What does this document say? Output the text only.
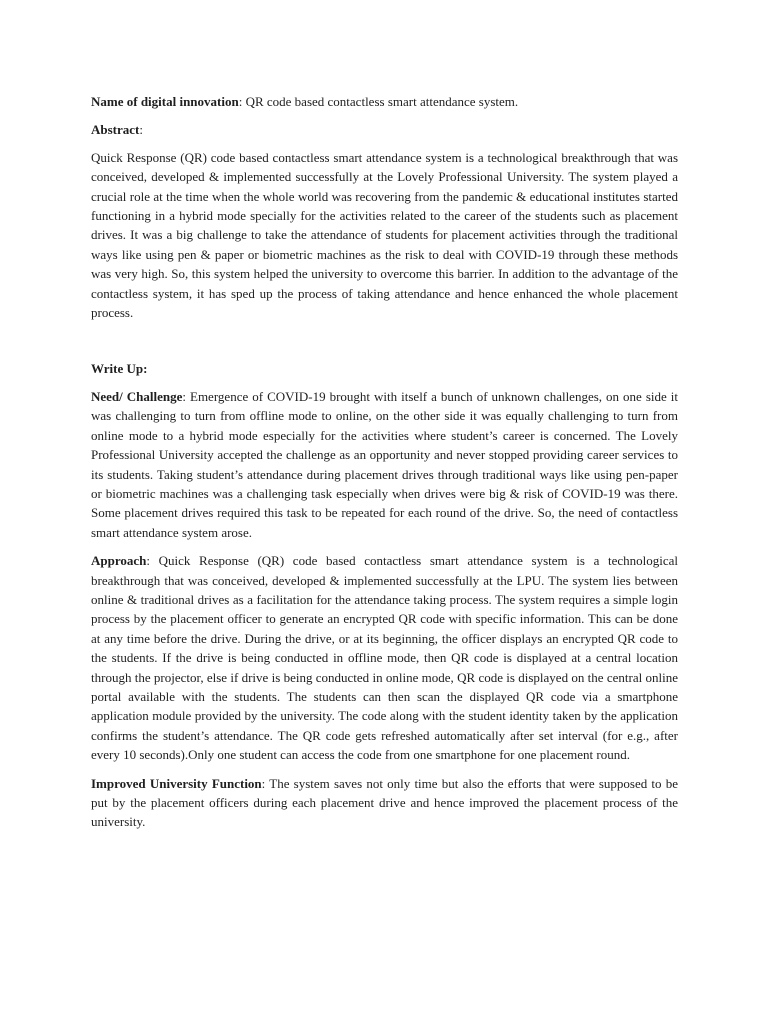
Name of digital innovation: QR code based contactless smart attendance system.

Abstract:

Quick Response (QR) code based contactless smart attendance system is a technological breakthrough that was conceived, developed & implemented successfully at the Lovely Professional University. The system played a crucial role at the time when the whole world was recovering from the pandemic & educational institutes started functioning in a hybrid mode specially for the activities related to the career of the students such as placement drives. It was a big challenge to take the attendance of students for placement activities through the traditional ways like using pen & paper or biometric machines as the risk to deal with COVID-19 through these methods was very high. So, this system helped the university to overcome this barrier. In addition to the advantage of the contactless system, it has sped up the process of taking attendance and hence enhanced the whole placement process.

Write Up:

Need/ Challenge: Emergence of COVID-19 brought with itself a bunch of unknown challenges, on one side it was challenging to turn from offline mode to online, on the other side it was equally challenging to turn from online mode to a hybrid mode especially for the activities where student’s career is concerned. The Lovely Professional University accepted the challenge as an opportunity and never stopped providing career services to its students. Taking student’s attendance during placement drives through traditional ways like using pen-paper or biometric machines was a challenging task especially when drives were big & risk of COVID-19 was there. Some placement drives required this task to be repeated for each round of the drive. So, the need of contactless smart attendance system arose.

Approach: Quick Response (QR) code based contactless smart attendance system is a technological breakthrough that was conceived, developed & implemented successfully at the LPU. The system lies between online & traditional drives as a facilitation for the attendance taking process. The system requires a simple login process by the placement officer to generate an encrypted QR code with specific information. This can be done at any time before the drive. During the drive, or at its beginning, the officer displays an encrypted QR code to the students. If the drive is being conducted in offline mode, then QR code is displayed at a central location through the projector, else if drive is being conducted in online mode, QR code is displayed on the central online portal available with the students. The students can then scan the displayed QR code via a smartphone application module provided by the university. The code along with the student identity taken by the application confirms the student’s attendance. The QR code gets refreshed automatically after set interval (for e.g., after every 10 seconds).Only one student can access the code from one smartphone for one placement round.

Improved University Function: The system saves not only time but also the efforts that were supposed to be put by the placement officers during each placement drive and hence improved the placement process of the university.
